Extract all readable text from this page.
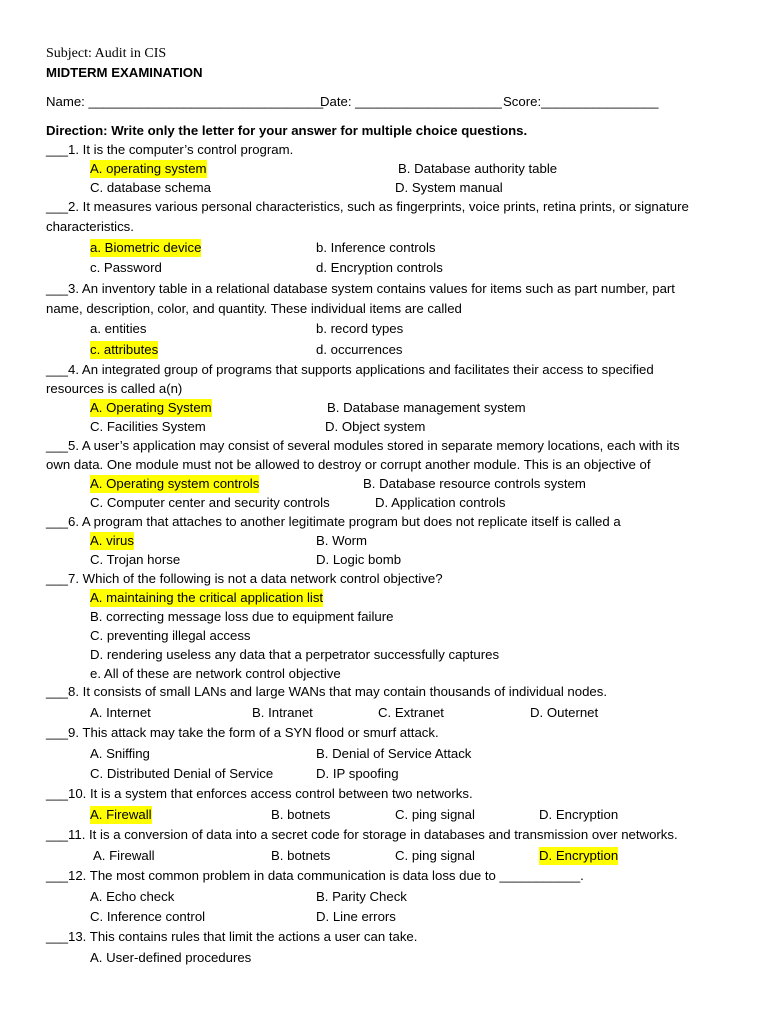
Subject: Audit in CIS
MIDTERM EXAMINATION
Name: ________________________________
Date: ____________________ Score:________________
Direction: Write only the letter for your answer for multiple choice questions.
___1. It is the computer’s control program.
A. operating system	B. Database authority table
C. database schema	D. System manual
___2. It measures various personal characteristics, such as fingerprints, voice prints, retina prints, or signature
characteristics.
a. Biometric device	b. Inference controls
c. Password	d. Encryption controls
___3. An inventory table in a relational database system contains values for items such as part number, part
name, description, color, and quantity. These individual items are called
a. entities	b. record types
c. attributes	d. occurrences
___4. An integrated group of programs that supports applications and facilitates their access to specified
resources is called a(n)
A. Operating System	B. Database management system
C. Facilities System	D. Object system
___5. A user’s application may consist of several modules stored in separate memory locations, each with its
own data. One module must not be allowed to destroy or corrupt another module. This is an objective of
A. Operating system controls	B. Database resource controls system
C. Computer center and security controls	D. Application controls
___6. A program that attaches to another legitimate program but does not replicate itself is called a
A. virus	B. Worm
C. Trojan horse	D. Logic bomb
___7. Which of the following is not a data network control objective?
A. maintaining the critical application list
B. correcting message loss due to equipment failure
C. preventing illegal access
D. rendering useless any data that a perpetrator successfully captures
e. All of these are network control objective
___8. It consists of small LANs and large WANs that may contain thousands of individual nodes.
A. Internet	B. Intranet	C. Extranet	D. Outernet
___9. This attack may take the form of a SYN flood or smurf attack.
A. Sniffing	B. Denial of Service Attack
C. Distributed Denial of Service	D. IP spoofing
___10. It is a system that enforces access control between two networks.
A. Firewall	B. botnets	C. ping signal	D. Encryption
___11. It is a conversion of data into a secret code for storage in databases and transmission over networks.
A. Firewall	B. botnets	C. ping signal	D. Encryption
___12. The most common problem in data communication is data loss due to ___________.
A. Echo check	B. Parity Check
C. Inference control	D. Line errors
___13. This contains rules that limit the actions a user can take.
A. User-defined procedures
